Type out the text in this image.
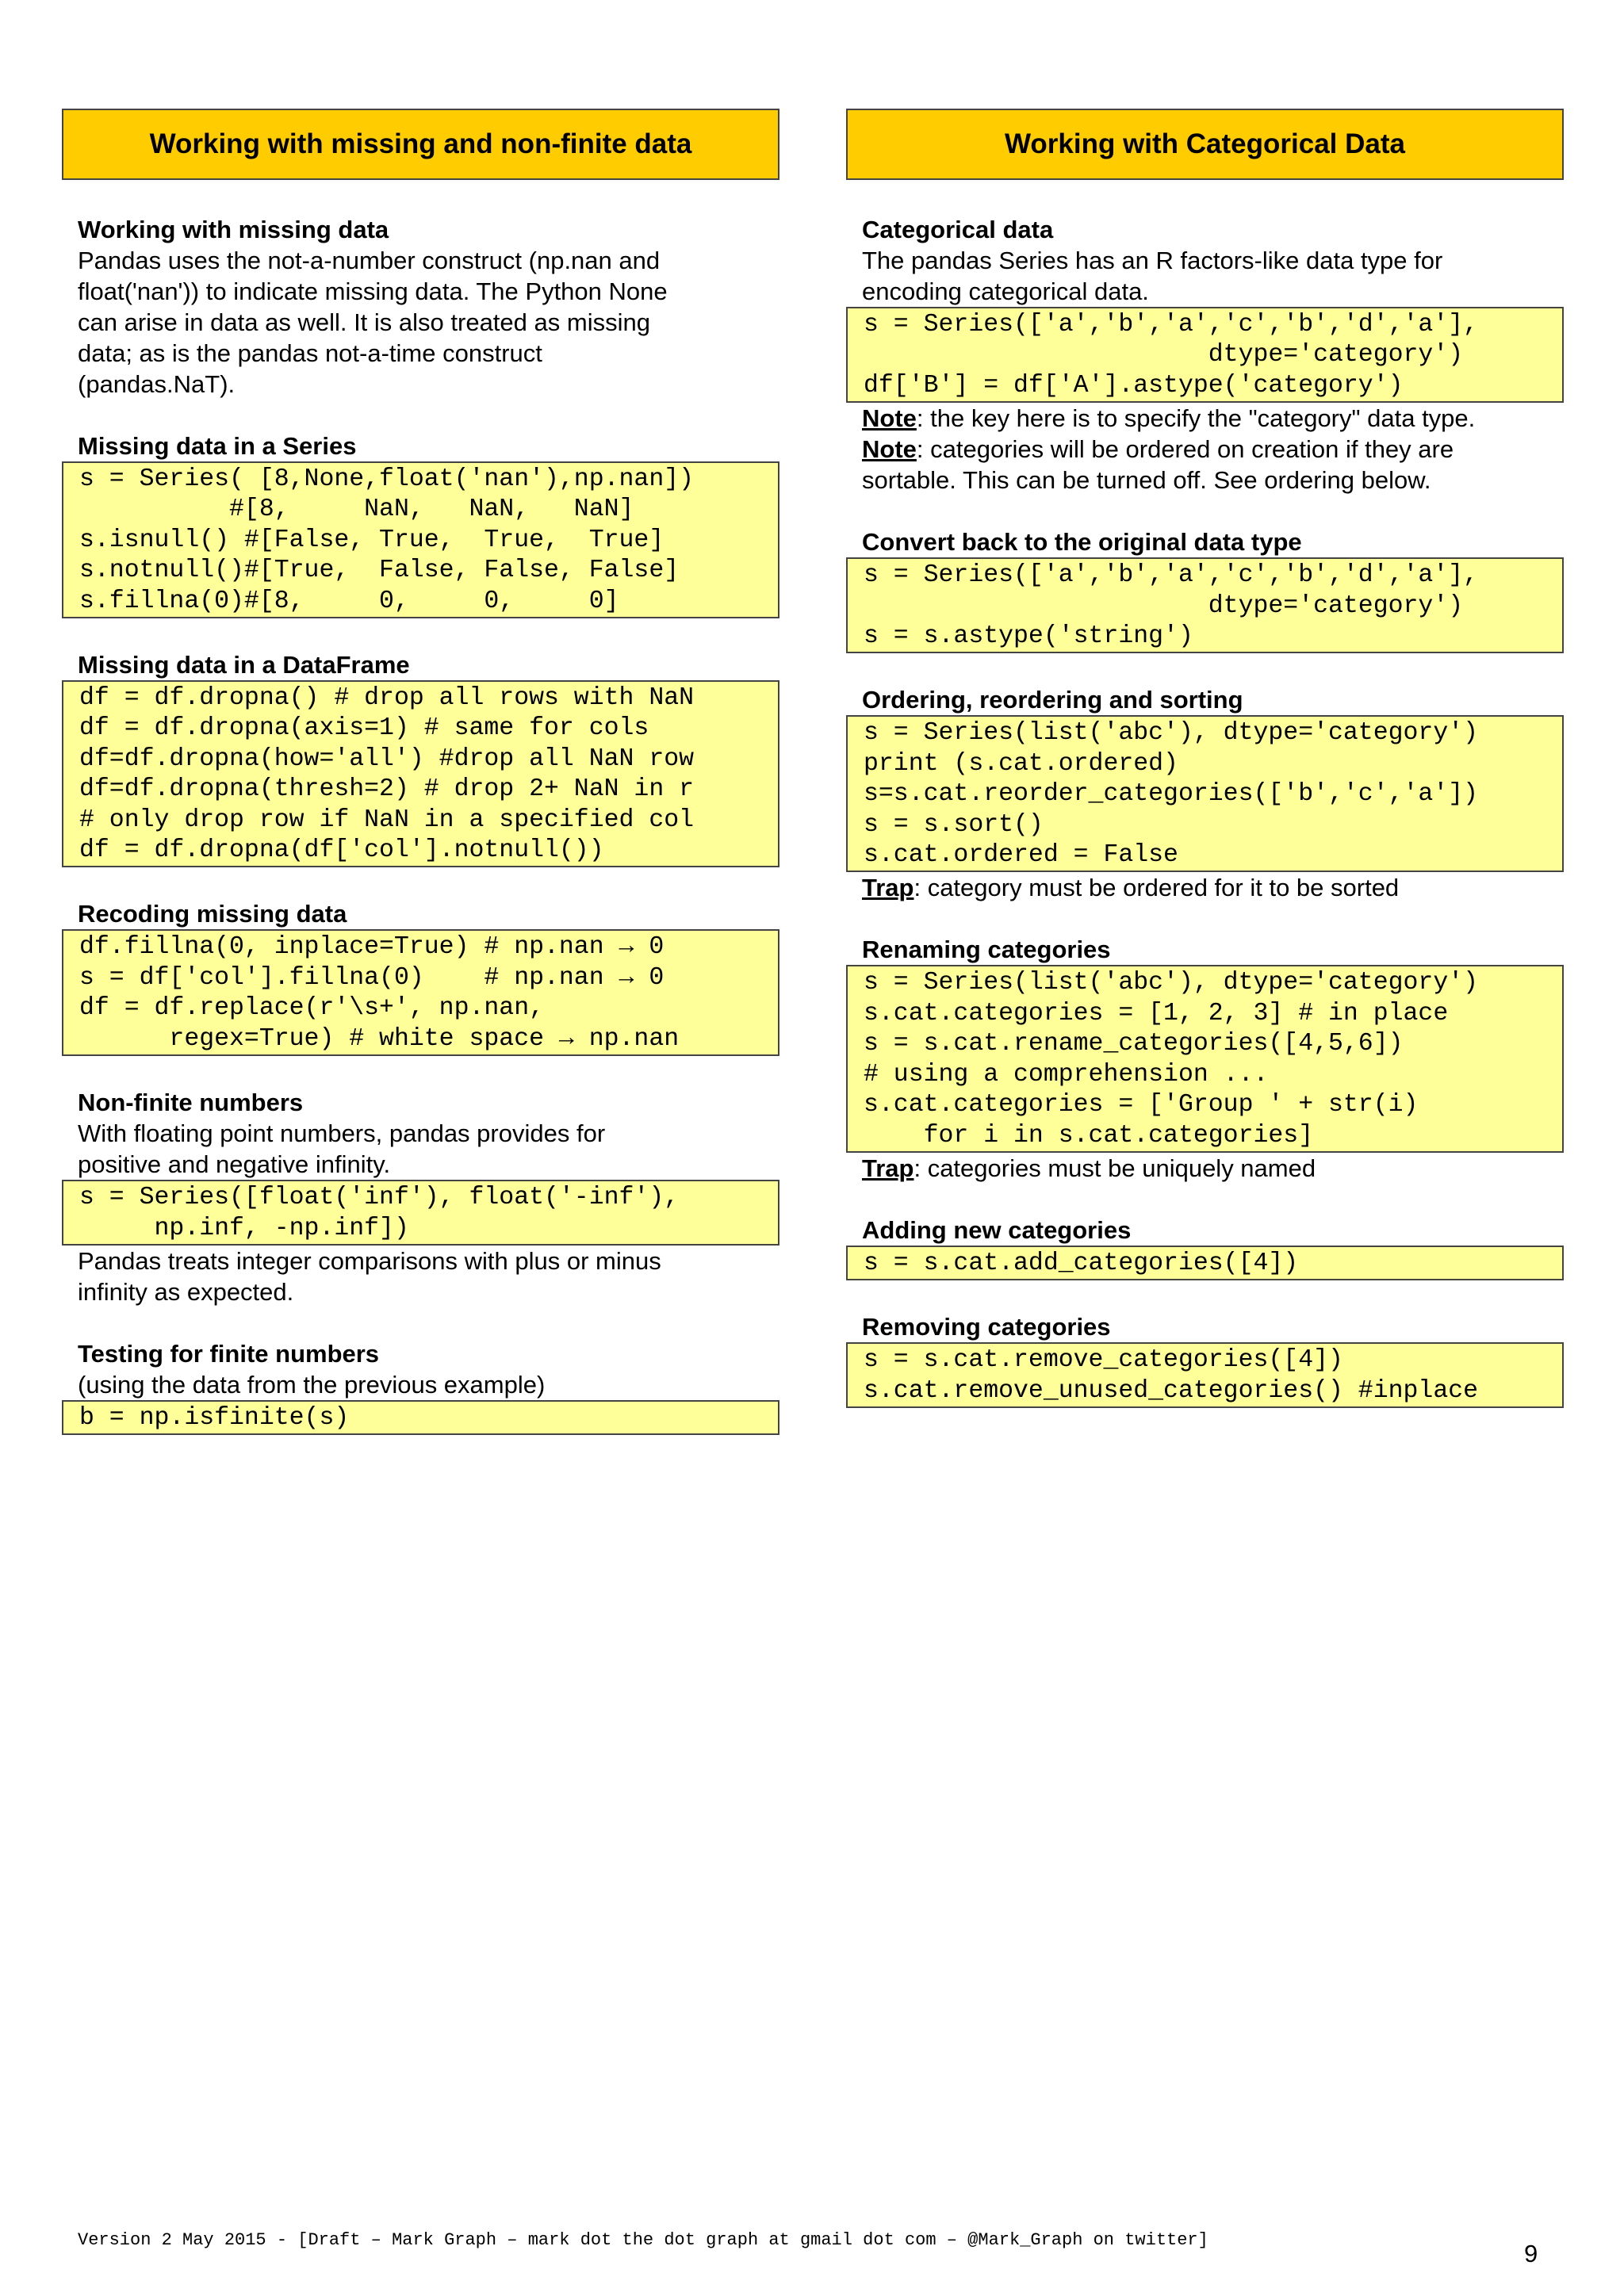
Working with missing and non-finite data
Working with missing data
Pandas uses the not-a-number construct (np.nan and
float('nan')) to indicate missing data. The Python None
can arise in data as well. It is also treated as missing
data; as is the pandas not-a-time construct
(pandas.NaT).
Missing data in a Series
s = Series( [8,None,float('nan'),np.nan])
#[8,     NaN,   NaN,   NaN]
s.isnull() #[False, True,  True,  True]
s.notnull()#[True,  False, False, False]
s.fillna(0)#[8,     0,     0,     0]
Missing data in a DataFrame
df = df.dropna() # drop all rows with NaN
df = df.dropna(axis=1) # same for cols
df=df.dropna(how='all') #drop all NaN row
df=df.dropna(thresh=2) # drop 2+ NaN in r
# only drop row if NaN in a specified col
df = df.dropna(df['col'].notnull())
Recoding missing data
df.fillna(0, inplace=True) # np.nan → 0
s = df['col'].fillna(0)    # np.nan → 0
df = df.replace(r'\s+', np.nan,
regex=True) # white space → np.nan
Non-finite numbers
With floating point numbers, pandas provides for
positive and negative infinity.
s = Series([float('inf'), float('-inf'),
np.inf, -np.inf])
Pandas treats integer comparisons with plus or minus
infinity as expected.
Testing for finite numbers
(using the data from the previous example)
b = np.isfinite(s)
Working with Categorical Data
Categorical data
The pandas Series has an R factors-like data type for
encoding categorical data.
s = Series(['a','b','a','c','b','d','a'],
dtype='category')
df['B'] = df['A'].astype('category')
Note: the key here is to specify the "category" data type.
Note: categories will be ordered on creation if they are
sortable. This can be turned off. See ordering below.
Convert back to the original data type
s = Series(['a','b','a','c','b','d','a'],
dtype='category')
s = s.astype('string')
Ordering, reordering and sorting
s = Series(list('abc'), dtype='category')
print (s.cat.ordered)
s=s.cat.reorder_categories(['b','c','a'])
s = s.sort()
s.cat.ordered = False
Trap: category must be ordered for it to be sorted
Renaming categories
s = Series(list('abc'), dtype='category')
s.cat.categories = [1, 2, 3] # in place
s = s.cat.rename_categories([4,5,6])
# using a comprehension ...
s.cat.categories = ['Group ' + str(i)
for i in s.cat.categories]
Trap: categories must be uniquely named
Adding new categories
s = s.cat.add_categories([4])
Removing categories
s = s.cat.remove_categories([4])
s.cat.remove_unused_categories() #inplace
Version 2 May 2015 - [Draft – Mark Graph – mark dot the dot graph at gmail dot com – @Mark_Graph on twitter]	9
